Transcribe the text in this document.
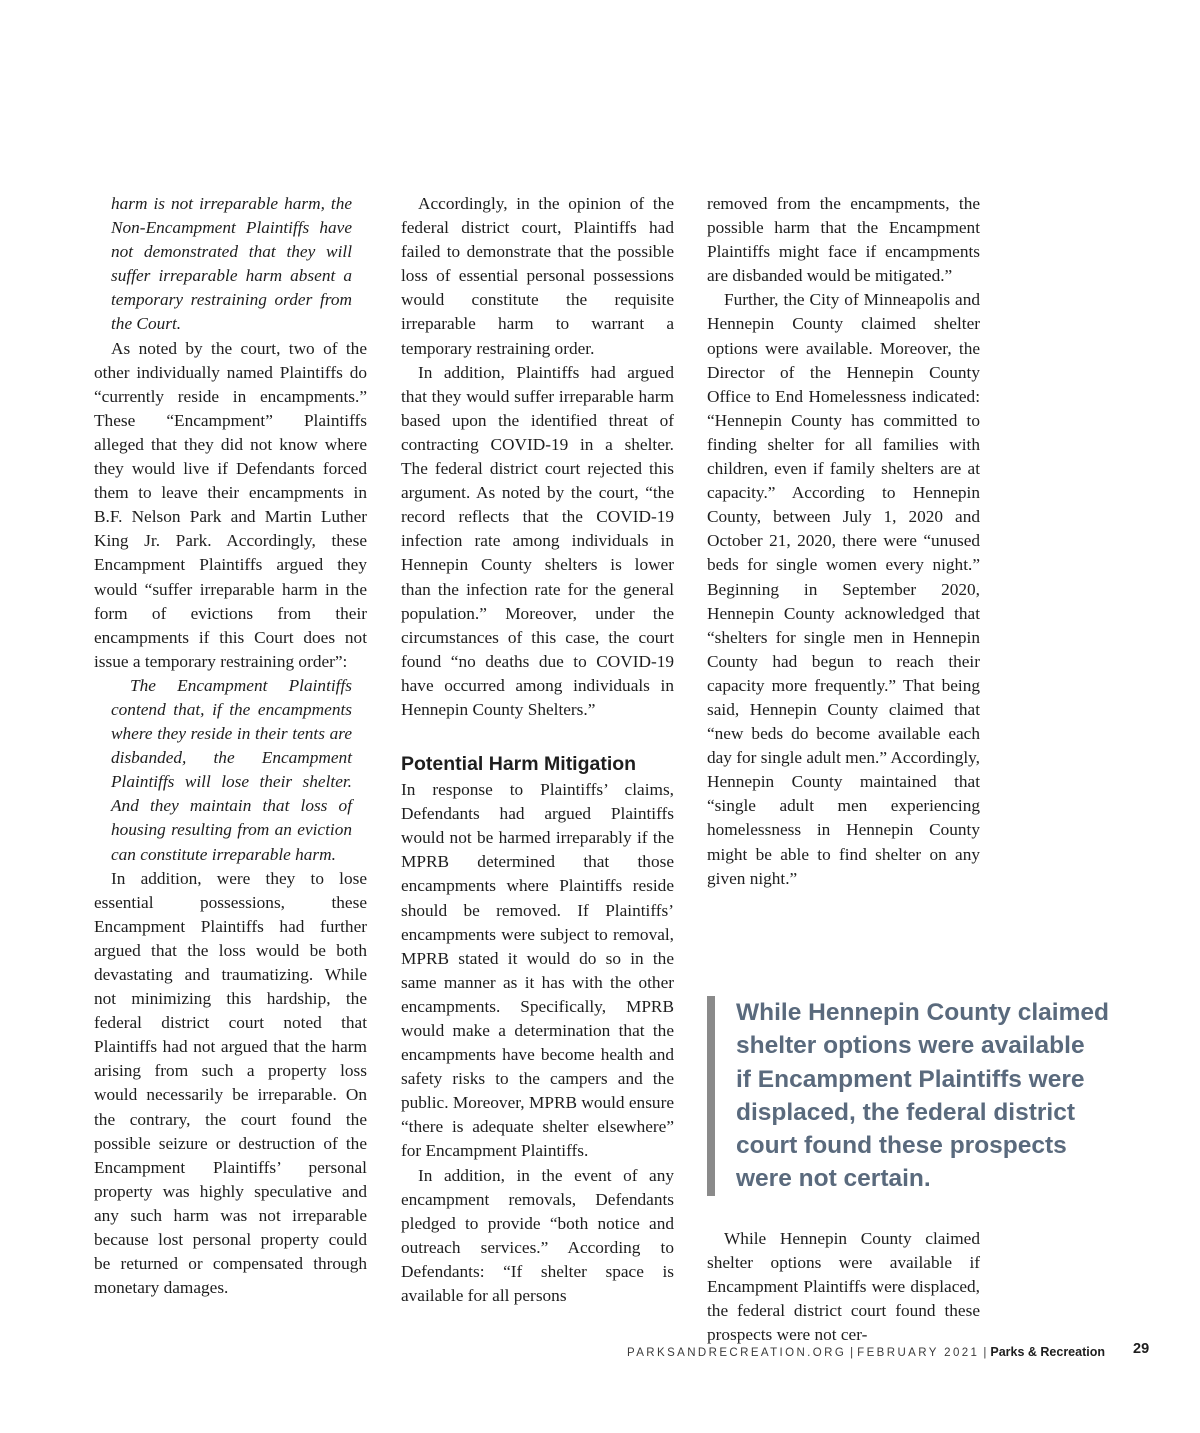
harm is not irreparable harm, the Non-Encampment Plaintiffs have not demonstrated that they will suffer irreparable harm absent a temporary restraining order from the Court.

As noted by the court, two of the other individually named Plaintiffs do “currently reside in encampments.” These “Encampment” Plaintiffs alleged that they did not know where they would live if Defendants forced them to leave their encampments in B.F. Nelson Park and Martin Luther King Jr. Park. Accordingly, these Encampment Plaintiffs argued they would “suffer irreparable harm in the form of evictions from their encampments if this Court does not issue a temporary restraining order”:

The Encampment Plaintiffs contend that, if the encampments where they reside in their tents are disbanded, the Encampment Plaintiffs will lose their shelter. And they maintain that loss of housing resulting from an eviction can constitute irreparable harm.

In addition, were they to lose essential possessions, these Encampment Plaintiffs had further argued that the loss would be both devastating and traumatizing. While not minimizing this hardship, the federal district court noted that Plaintiffs had not argued that the harm arising from such a property loss would necessarily be irreparable. On the contrary, the court found the possible seizure or destruction of the Encampment Plaintiffs’ personal property was highly speculative and any such harm was not irreparable because lost personal property could be returned or compensated through monetary damages.

Accordingly, in the opinion of the federal district court, Plaintiffs had failed to demonstrate that the possible loss of essential personal possessions would constitute the requisite irreparable harm to warrant a temporary restraining order.

In addition, Plaintiffs had argued that they would suffer irreparable harm based upon the identified threat of contracting COVID-19 in a shelter. The federal district court rejected this argument. As noted by the court, “the record reflects that the COVID-19 infection rate among individuals in Hennepin County shelters is lower than the infection rate for the general population.” Moreover, under the circumstances of this case, the court found “no deaths due to COVID-19 have occurred among individuals in Hennepin County Shelters.”

Potential Harm Mitigation

In response to Plaintiffs’ claims, Defendants had argued Plaintiffs would not be harmed irreparably if the MPRB determined that those encampments where Plaintiffs reside should be removed. If Plaintiffs’ encampments were subject to removal, MPRB stated it would do so in the same manner as it has with the other encampments. Specifically, MPRB would make a determination that the encampments have become health and safety risks to the campers and the public. Moreover, MPRB would ensure “there is adequate shelter elsewhere” for Encampment Plaintiffs.

In addition, in the event of any encampment removals, Defendants pledged to provide “both notice and outreach services.” According to Defendants: “If shelter space is available for all persons

removed from the encampments, the possible harm that the Encampment Plaintiffs might face if encampments are disbanded would be mitigated.”

Further, the City of Minneapolis and Hennepin County claimed shelter options were available. Moreover, the Director of the Hennepin County Office to End Homelessness indicated: “Hennepin County has committed to finding shelter for all families with children, even if family shelters are at capacity.” According to Hennepin County, between July 1, 2020 and October 21, 2020, there were “unused beds for single women every night.” Beginning in September 2020, Hennepin County acknowledged that “shelters for single men in Hennepin County had begun to reach their capacity more frequently.” That being said, Hennepin County claimed that “new beds do become available each day for single adult men.” Accordingly, Hennepin County maintained that “single adult men experiencing homelessness in Hennepin County might be able to find shelter on any given night.”

While Hennepin County claimed
shelter options were available
if Encampment Plaintiffs were
displaced, the federal district
court found these prospects
were not certain.

While Hennepin County claimed shelter options were available if Encampment Plaintiffs were displaced, the federal district court found these prospects were not cer-

PARKSANDRECREATION.ORG | FEBRUARY 2021 | Parks & Recreation 29
